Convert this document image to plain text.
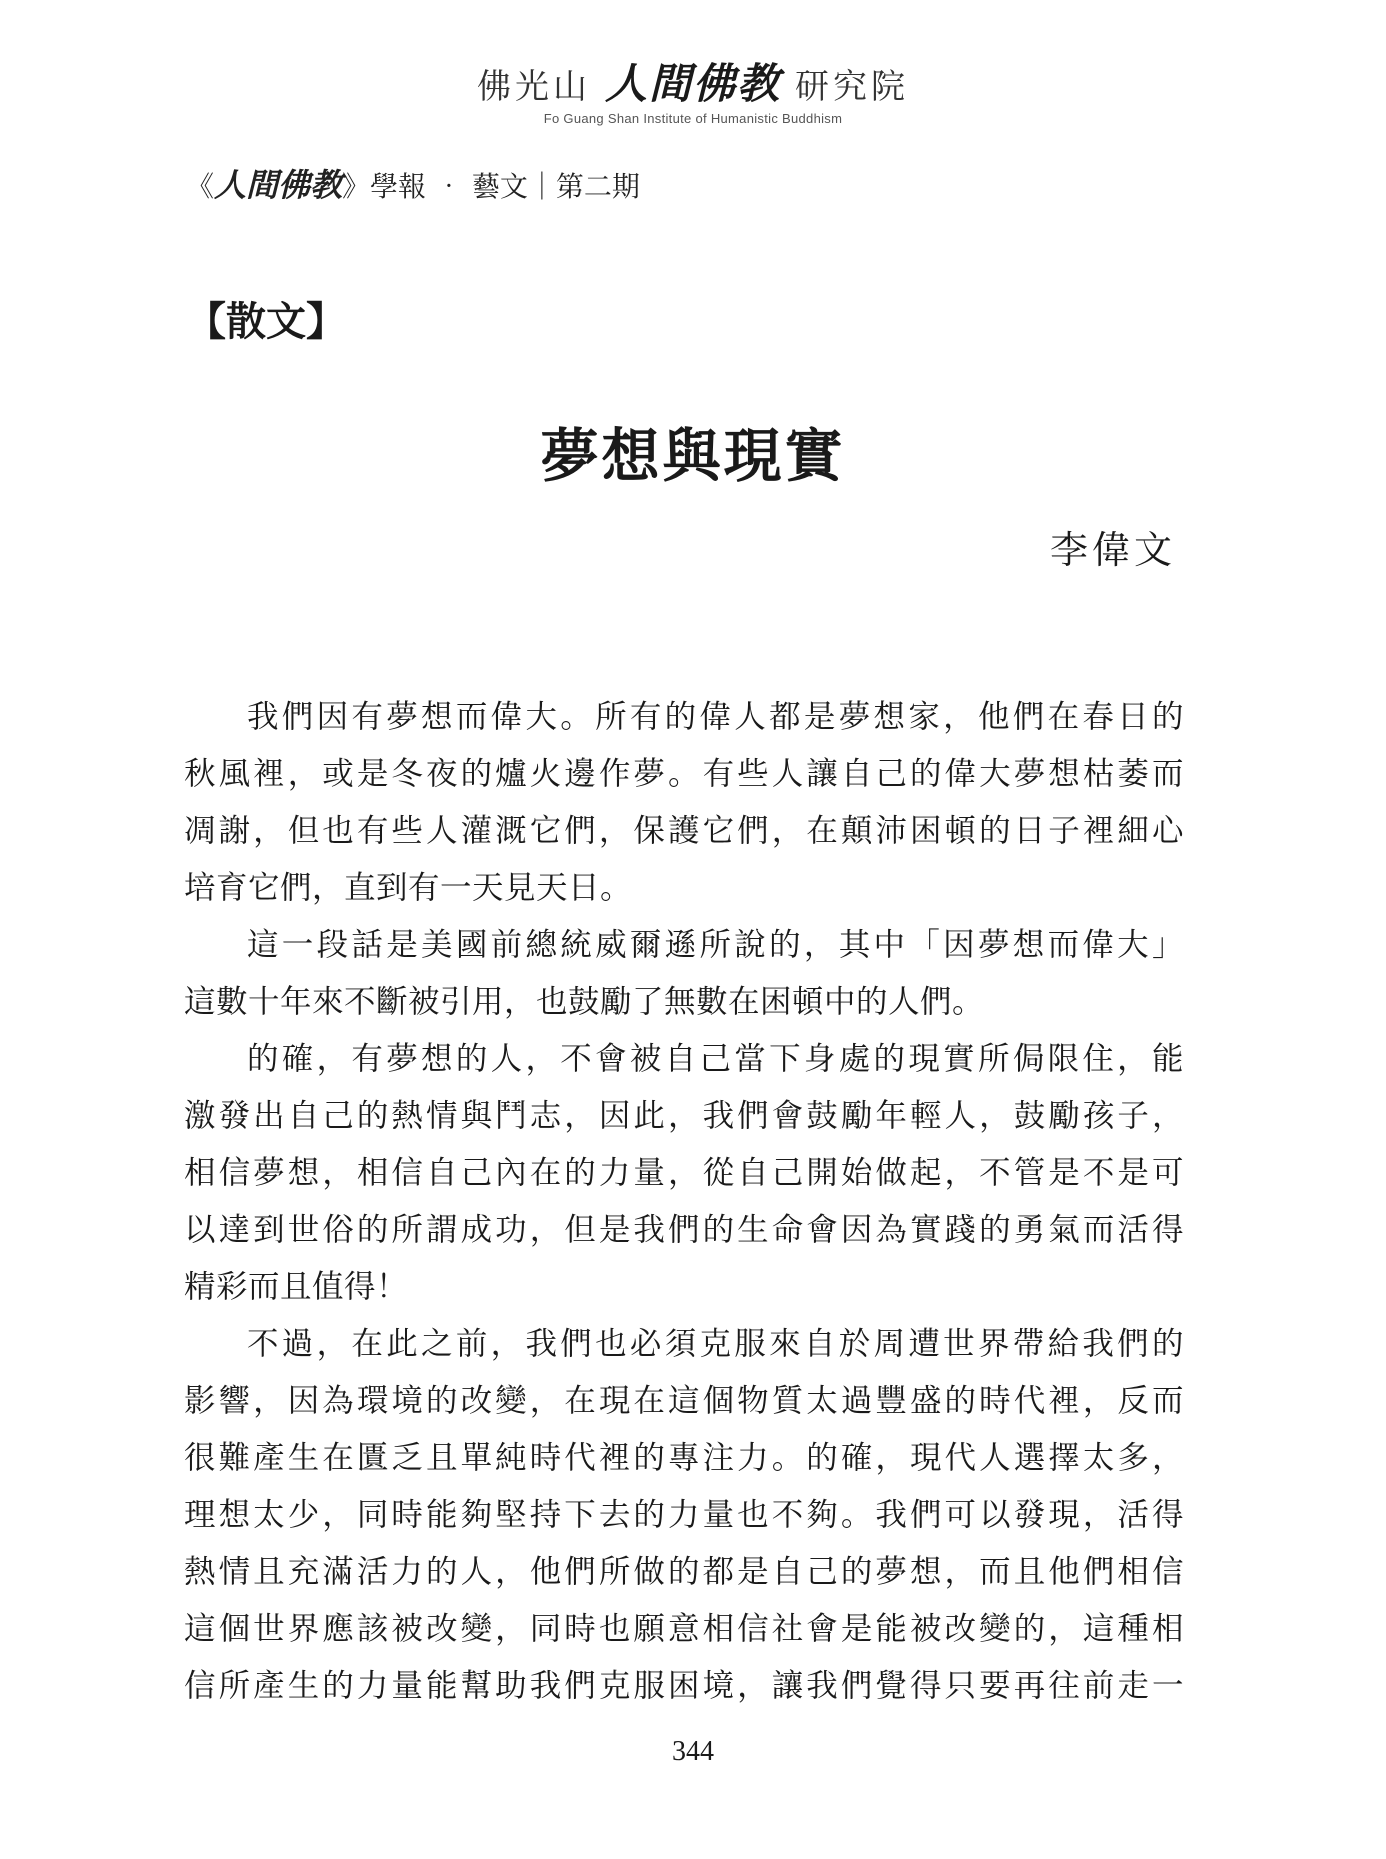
佛光山 人間佛教 研究院
Fo Guang Shan Institute of Humanistic Buddhism
《人間佛教》學報 ‧ 藝文｜第二期
【散文】
夢想與現實
李偉文
我們因有夢想而偉大。所有的偉人都是夢想家，他們在春日的
秋風裡，或是冬夜的爐火邊作夢。有些人讓自己的偉大夢想枯萎而
凋謝，但也有些人灌溉它們，保護它們，在顛沛困頓的日子裡細心
培育它們，直到有一天見天日。
這一段話是美國前總統威爾遜所說的，其中「因夢想而偉大」
這數十年來不斷被引用，也鼓勵了無數在困頓中的人們。
的確，有夢想的人，不會被自己當下身處的現實所侷限住，能
激發出自己的熱情與鬥志，因此，我們會鼓勵年輕人，鼓勵孩子，
相信夢想，相信自己內在的力量，從自己開始做起，不管是不是可
以達到世俗的所謂成功，但是我們的生命會因為實踐的勇氣而活得
精彩而且值得！
不過，在此之前，我們也必須克服來自於周遭世界帶給我們的
影響，因為環境的改變，在現在這個物質太過豐盛的時代裡，反而
很難產生在匱乏且單純時代裡的專注力。的確，現代人選擇太多，
理想太少，同時能夠堅持下去的力量也不夠。我們可以發現，活得
熱情且充滿活力的人，他們所做的都是自己的夢想，而且他們相信
這個世界應該被改變，同時也願意相信社會是能被改變的，這種相
信所產生的力量能幫助我們克服困境，讓我們覺得只要再往前走一
344
